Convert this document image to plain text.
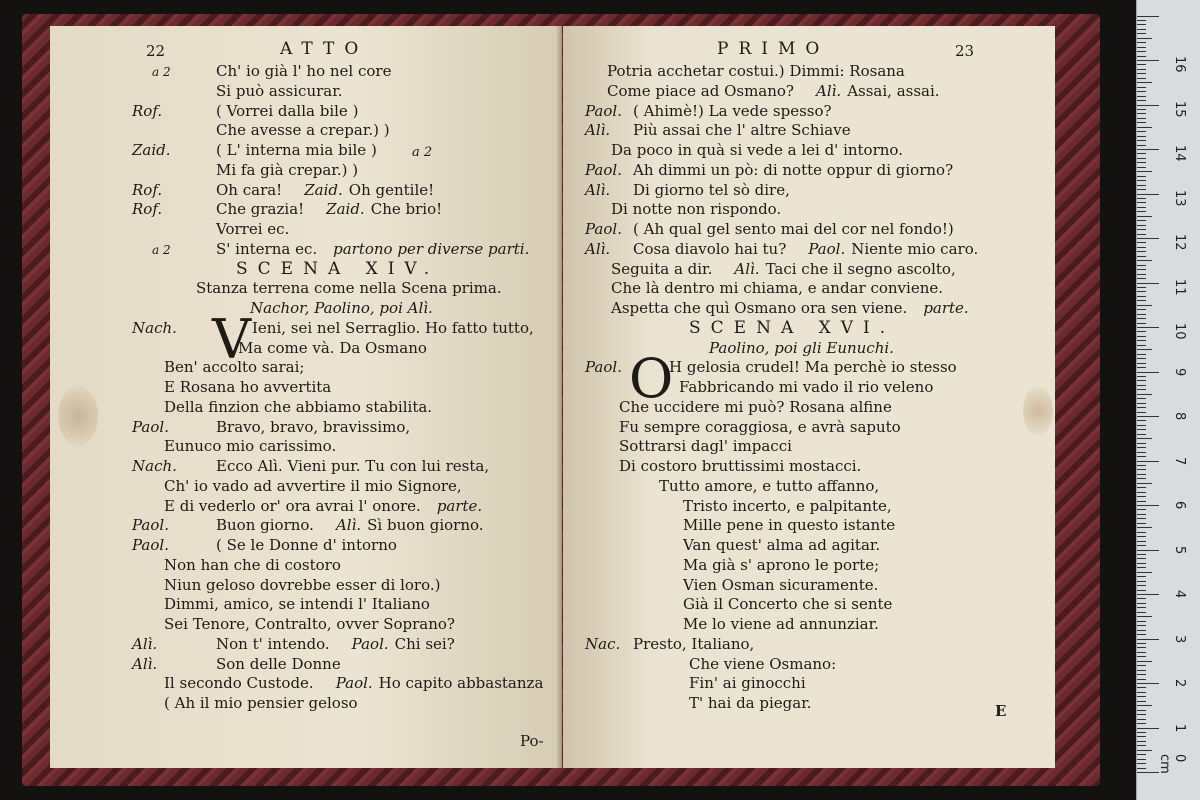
22	ATTO
a 2	Ch' io già l' ho nel core
Si può assicurar.
Rof.	( Vorrei dalla bile )
Che avesse a crepar.) )
Zaid.	( L' interna mia bile )
Mi fa già crepar.) )
Rof.	Oh cara! Zaid. Oh gentile!
Rof.	Che grazia! Zaid. Che brio!
Vorrei ec.
a 2	S' interna ec. partono per diverse parti.
SCENA XIV.
Stanza terrena come nella Scena prima.
Nachor, Paolino, poi Alì.
Nach. V Ieni, sei nel Serraglio. Ho fatto tutto,
Ma come và. Da Osmano
Ben' accolto sarai;
E Rosana ho avvertita
Della finzion che abbiamo stabilita.
Paol.	Bravo, bravo, bravissimo,
Eunuco mio carissimo.
Nach.	Ecco Alì. Vieni pur. Tu con lui resta,
Ch' io vado ad avvertire il mio Signore,
E di vederlo or' ora avrai l' onore. parte.
Paol.	Buon giorno. Alì. Sì buon giorno.
Paol.	( Se le Donne d' intorno
Non han che di costoro
Niun geloso dovrebbe esser di loro.)
Dimmi, amico, se intendi l' Italiano
Sei Tenore, Contralto, ovver Soprano?
Alì.	Non t' intendo. Paol. Chi sei?
Alì.	Son delle Donne
Il secondo Custode. Paol. Ho capito abbastanza
( Ah il mio pensier geloso
a 2
Po-
PRIMO	23
Potria acchetar costui.) Dimmi: Rosana
Come piace ad Osmano? Alì. Assai, assai.
Paol. ( Ahimè!) La vede spesso?
Alì. Più assai che l' altre Schiave
Da poco in quà si vede a lei d' intorno.
Paol. Ah dimmi un pò: di notte oppur di giorno?
Alì. Di giorno tel sò dire,
Di notte non rispondo.
Paol. ( Ah qual gel sento mai del cor nel fondo!)
Alì. Cosa diavolo hai tu? Paol. Niente mio caro.
Seguita a dir. Alì. Taci che il segno ascolto,
Che là dentro mi chiama, e andar conviene.
Aspetta che quì Osmano ora sen viene. parte.
SCENA XVI.
Paolino, poi gli Eunuchi.
Paol. O
H gelosia crudel! Ma perchè io stesso
Fabbricando mi vado il rio veleno
Che uccidere mi può? Rosana alfine
Fu sempre coraggiosa, e avrà saputo
Sottrarsi dagl' impacci
Di costoro bruttissimi mostacci.
Tutto amore, e tutto affanno,
Tristo incerto, e palpitante,
Mille pene in questo istante
Van quest' alma ad agitar.
Ma già s' aprono le porte;
Vien Osman sicuramente.
Già il Concerto che si sente
Me lo viene ad annunziar.
Nac. Presto, Italiano,
Che viene Osmano:
Fin' ai ginocchi
T' hai da piegar.	E
0 cm
1
2
3
4
5
6
7
8
9
10
11
12
13
14
15
16
